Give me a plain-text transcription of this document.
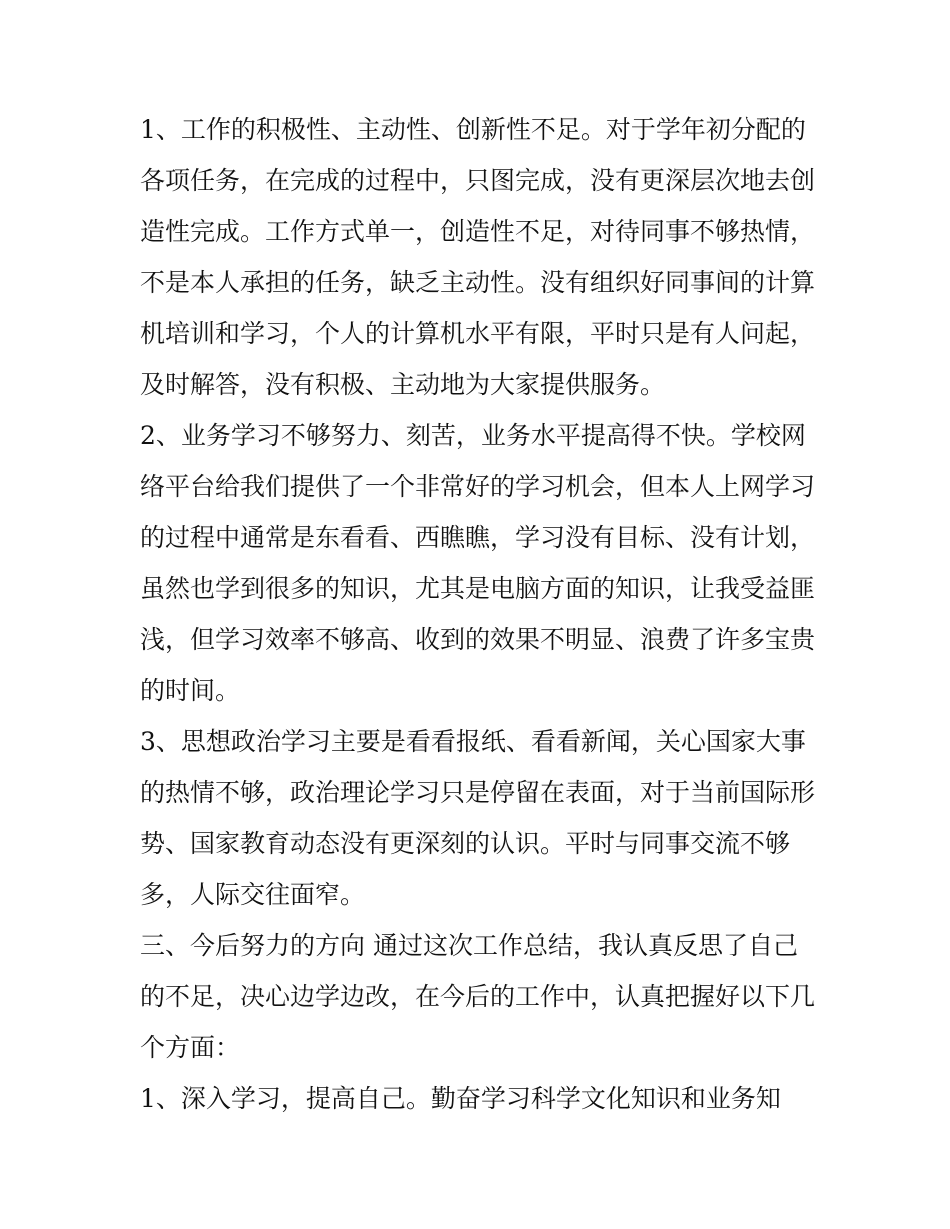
1、工作的积极性、主动性、创新性不足。对于学年初分配的
各项任务，在完成的过程中，只图完成，没有更深层次地去创
造性完成。工作方式单一，创造性不足，对待同事不够热情，
不是本人承担的任务，缺乏主动性。没有组织好同事间的计算
机培训和学习，个人的计算机水平有限，平时只是有人问起，
及时解答，没有积极、主动地为大家提供服务。
2、业务学习不够努力、刻苦，业务水平提高得不快。学校网
络平台给我们提供了一个非常好的学习机会，但本人上网学习
的过程中通常是东看看、西瞧瞧，学习没有目标、没有计划，
虽然也学到很多的知识，尤其是电脑方面的知识，让我受益匪
浅，但学习效率不够高、收到的效果不明显、浪费了许多宝贵
的时间。
3、思想政治学习主要是看看报纸、看看新闻，关心国家大事
的热情不够，政治理论学习只是停留在表面，对于当前国际形
势、国家教育动态没有更深刻的认识。平时与同事交流不够
多，人际交往面窄。
三、今后努力的方向 通过这次工作总结，我认真反思了自己
的不足，决心边学边改，在今后的工作中，认真把握好以下几
个方面：
1、深入学习，提高自己。勤奋学习科学文化知识和业务知
